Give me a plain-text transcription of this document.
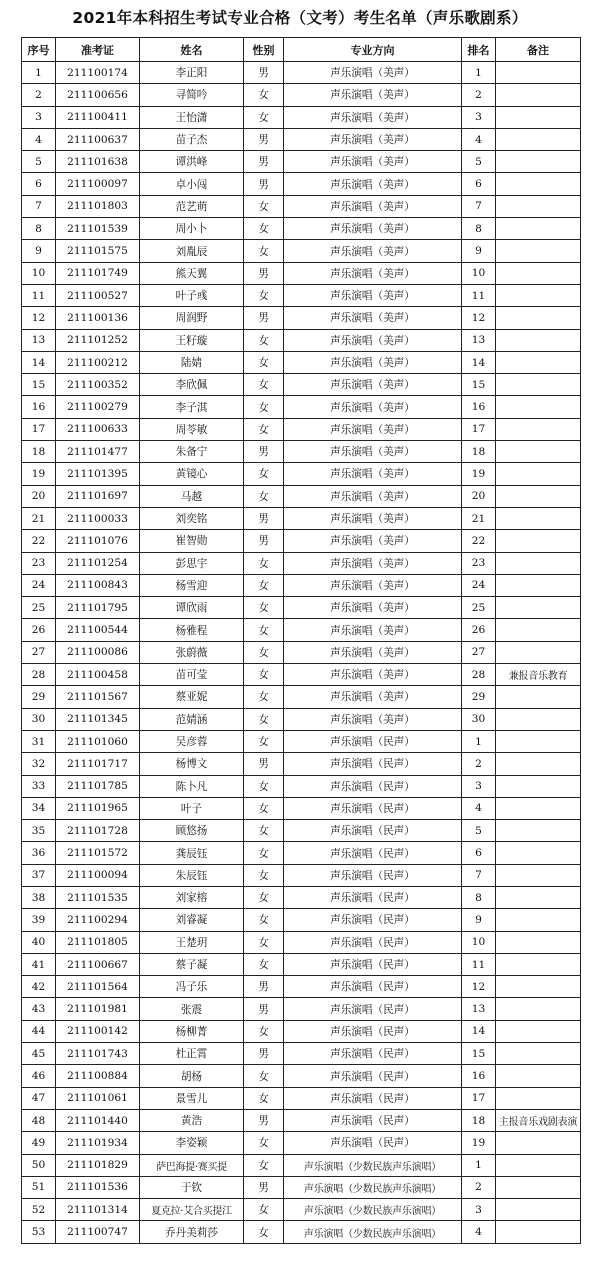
2021年本科招生考试专业合格（文考）考生名单（声乐歌剧系）
序号	准考证	姓名	性别	专业方向	排名	备注
1	211100174	李正阳	男	声乐演唱（美声）	1	
2	211100656	寻简吟	女	声乐演唱（美声）	2	
3	211100411	王怡潇	女	声乐演唱（美声）	3	
4	211100637	苗子杰	男	声乐演唱（美声）	4	
5	211101638	谭洪峰	男	声乐演唱（美声）	5	
6	211100097	卓小闯	男	声乐演唱（美声）	6	
7	211101803	范艺萌	女	声乐演唱（美声）	7	
8	211101539	周小卜	女	声乐演唱（美声）	8	
9	211101575	刘胤辰	女	声乐演唱（美声）	9	
10	211101749	熊天翼	男	声乐演唱（美声）	10	
11	211100527	叶子彧	女	声乐演唱（美声）	11	
12	211100136	周润野	男	声乐演唱（美声）	12	
13	211101252	王籽璇	女	声乐演唱（美声）	13	
14	211100212	陆婧	女	声乐演唱（美声）	14	
15	211100352	李欣佩	女	声乐演唱（美声）	15	
16	211100279	李子淇	女	声乐演唱（美声）	16	
17	211100633	周苓敏	女	声乐演唱（美声）	17	
18	211101477	朱备宁	男	声乐演唱（美声）	18	
19	211101395	黄镜心	女	声乐演唱（美声）	19	
20	211101697	马越	女	声乐演唱（美声）	20	
21	211100033	刘奕铭	男	声乐演唱（美声）	21	
22	211101076	崔智勋	男	声乐演唱（美声）	22	
23	211101254	彭思宇	女	声乐演唱（美声）	23	
24	211100843	杨雪迎	女	声乐演唱（美声）	24	
25	211101795	谭欣雨	女	声乐演唱（美声）	25	
26	211100544	杨雅程	女	声乐演唱（美声）	26	
27	211100086	张蔚薇	女	声乐演唱（美声）	27	
28	211100458	苗可莹	女	声乐演唱（美声）	28	兼报音乐教育
29	211101567	蔡亚妮	女	声乐演唱（美声）	29	
30	211101345	范婧涵	女	声乐演唱（美声）	30	
31	211101060	吴彦蓉	女	声乐演唱（民声）	1	
32	211101717	杨博文	男	声乐演唱（民声）	2	
33	211101785	陈卜凡	女	声乐演唱（民声）	3	
34	211101965	叶子	女	声乐演唱（民声）	4	
35	211101728	顾悠扬	女	声乐演唱（民声）	5	
36	211101572	龚辰钰	女	声乐演唱（民声）	6	
37	211100094	朱辰钰	女	声乐演唱（民声）	7	
38	211101535	刘家榕	女	声乐演唱（民声）	8	
39	211100294	刘睿凝	女	声乐演唱（民声）	9	
40	211101805	王楚玥	女	声乐演唱（民声）	10	
41	211100667	蔡子凝	女	声乐演唱（民声）	11	
42	211101564	冯子乐	男	声乐演唱（民声）	12	
43	211101981	张震	男	声乐演唱（民声）	13	
44	211100142	杨柳菁	女	声乐演唱（民声）	14	
45	211101743	杜正霄	男	声乐演唱（民声）	15	
46	211100884	胡杨	女	声乐演唱（民声）	16	
47	211101061	景雪儿	女	声乐演唱（民声）	17	
48	211101440	黄浩	男	声乐演唱（民声）	18	主报音乐戏剧表演
49	211101934	李姿颖	女	声乐演唱（民声）	19	
50	211101829	萨巴海提·赛买提	女	声乐演唱（少数民族声乐演唱）	1	
51	211101536	于钦	男	声乐演唱（少数民族声乐演唱）	2	
52	211101314	夏克拉·艾合买提江	女	声乐演唱（少数民族声乐演唱）	3	
53	211100747	乔丹美莉莎	女	声乐演唱（少数民族声乐演唱）	4	
